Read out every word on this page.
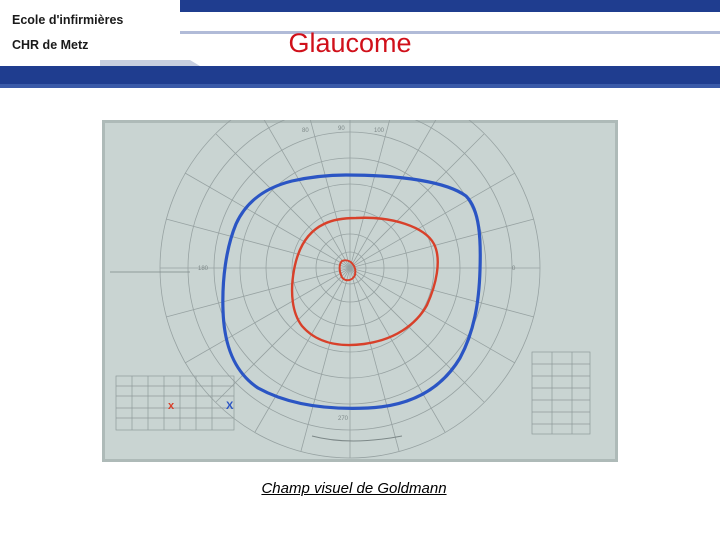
Ecole d'infirmières
CHR de Metz	Glaucome
90	100
80
180	0
270
x	X
Champ visuel de Goldmann
